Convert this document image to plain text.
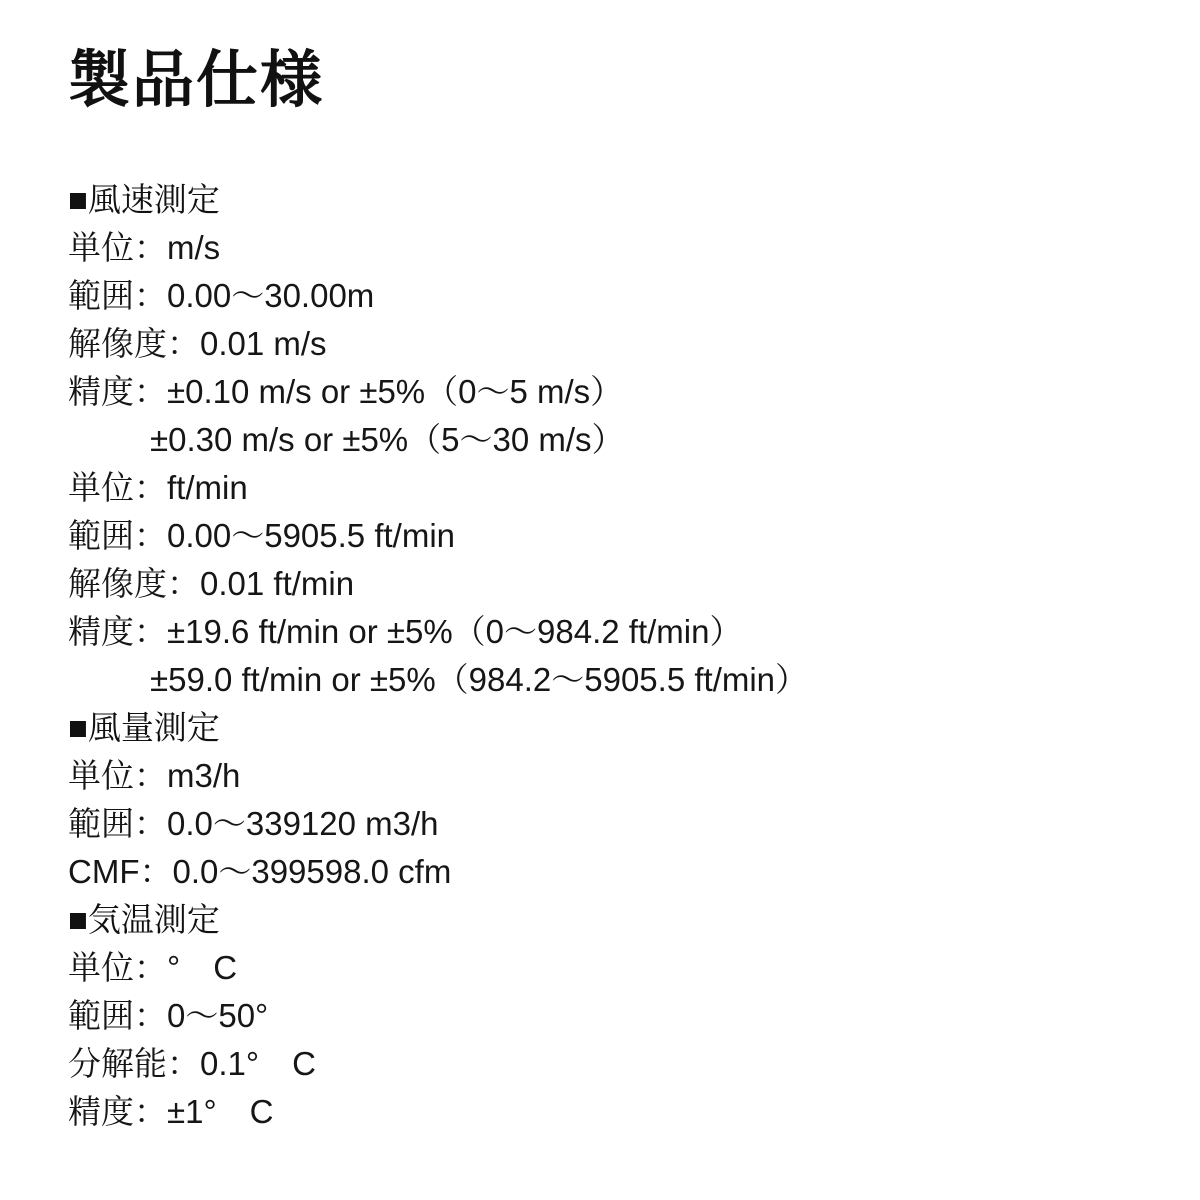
製品仕様
■風速測定
単位：m/s
範囲：0.00〜30.00m
解像度：0.01 m/s
精度：±0.10 m/s or ±5%（0〜5 m/s）
±0.30 m/s or ±5%（5〜30 m/s）
単位：ft/min
範囲：0.00〜5905.5 ft/min
解像度：0.01 ft/min
精度：±19.6 ft/min or ±5%（0〜984.2 ft/min）
±59.0 ft/min or ±5%（984.2〜5905.5 ft/min）
■風量測定
単位：m3/h
範囲：0.0〜339120 m3/h
CMF：0.0〜399598.0 cfm
■気温測定
単位：°　C
範囲：0〜50°
分解能：0.1°　C
精度：±1°　C
